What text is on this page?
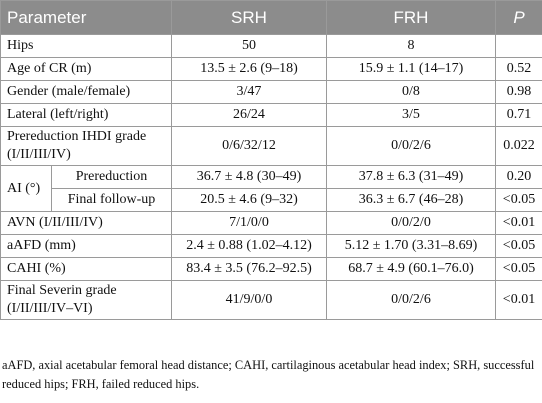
Parameter		SRH	FRH	P
Hips		50	8	
Age of CR (m)		13.5 ± 2.6 (9–18)	15.9 ± 1.1 (14–17)	0.52
Gender (male/female)		3/47	0/8	0.98
Lateral (left/right)		26/24	3/5	0.71
Prereduction IHDI grade (I/II/III/IV)		0/6/32/12	0/0/2/6	0.022
AI (°)	Prereduction	36.7 ± 4.8 (30–49)	37.8 ± 6.3 (31–49)	0.20
	Final follow-up	20.5 ± 4.6 (9–32)	36.3 ± 6.7 (46–28)	<0.05
AVN (I/II/III/IV)		7/1/0/0	0/0/2/0	<0.01
aAFD (mm)		2.4 ± 0.88 (1.02–4.12)	5.12 ± 1.70 (3.31–8.69)	<0.05
CAHI (%)		83.4 ± 3.5 (76.2–92.5)	68.7 ± 4.9 (60.1–76.0)	<0.05
Final Severin grade (I/II/III/IV–VI)		41/9/0/0	0/0/2/6	<0.01
aAFD, axial acetabular femoral head distance; CAHI, cartilaginous acetabular head index; SRH, successful reduced hips; FRH, failed reduced hips.
